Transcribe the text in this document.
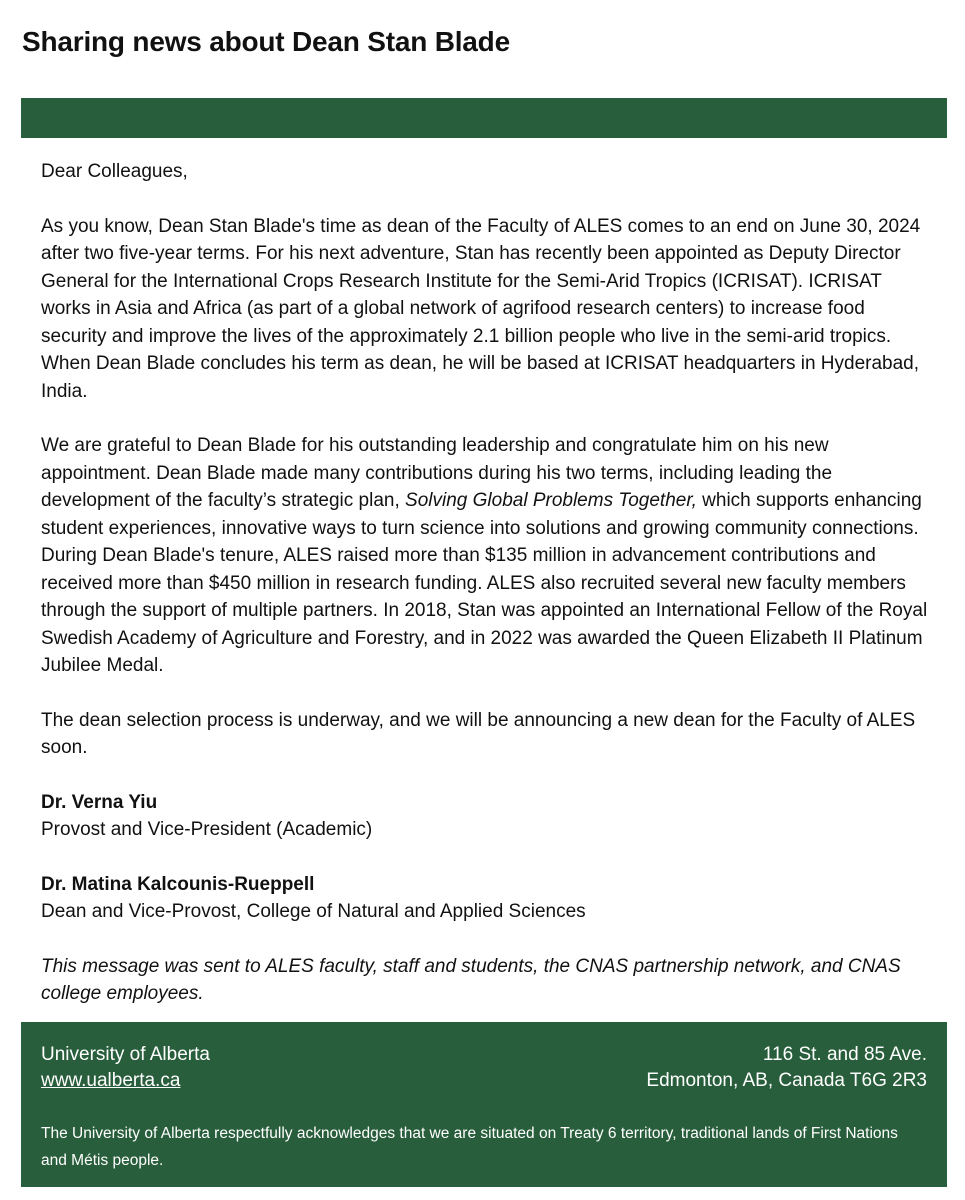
Sharing news about Dean Stan Blade

Dear Colleagues,

As you know, Dean Stan Blade's time as dean of the Faculty of ALES comes to an end on June 30, 2024 after two five-year terms. For his next adventure, Stan has recently been appointed as Deputy Director General for the International Crops Research Institute for the Semi-Arid Tropics (ICRISAT). ICRISAT works in Asia and Africa (as part of a global network of agrifood research centers) to increase food security and improve the lives of the approximately 2.1 billion people who live in the semi-arid tropics. When Dean Blade concludes his term as dean, he will be based at ICRISAT headquarters in Hyderabad, India.

We are grateful to Dean Blade for his outstanding leadership and congratulate him on his new appointment. Dean Blade made many contributions during his two terms, including leading the development of the faculty’s strategic plan, Solving Global Problems Together, which supports enhancing student experiences, innovative ways to turn science into solutions and growing community connections. During Dean Blade's tenure, ALES raised more than $135 million in advancement contributions and received more than $450 million in research funding. ALES also recruited several new faculty members through the support of multiple partners. In 2018, Stan was appointed an International Fellow of the Royal Swedish Academy of Agriculture and Forestry, and in 2022 was awarded the Queen Elizabeth II Platinum Jubilee Medal.

The dean selection process is underway, and we will be announcing a new dean for the Faculty of ALES soon.

Dr. Verna Yiu
Provost and Vice-President (Academic)
Dr. Matina Kalcounis-Rueppell
Dean and Vice-Provost, College of Natural and Applied Sciences

This message was sent to ALES faculty, staff and students, the CNAS partnership network, and CNAS college employees.

University of Alberta
www.ualberta.ca
116 St. and 85 Ave.
Edmonton, AB, Canada T6G 2R3
The University of Alberta respectfully acknowledges that we are situated on Treaty 6 territory, traditional lands of First Nations and Métis people.
